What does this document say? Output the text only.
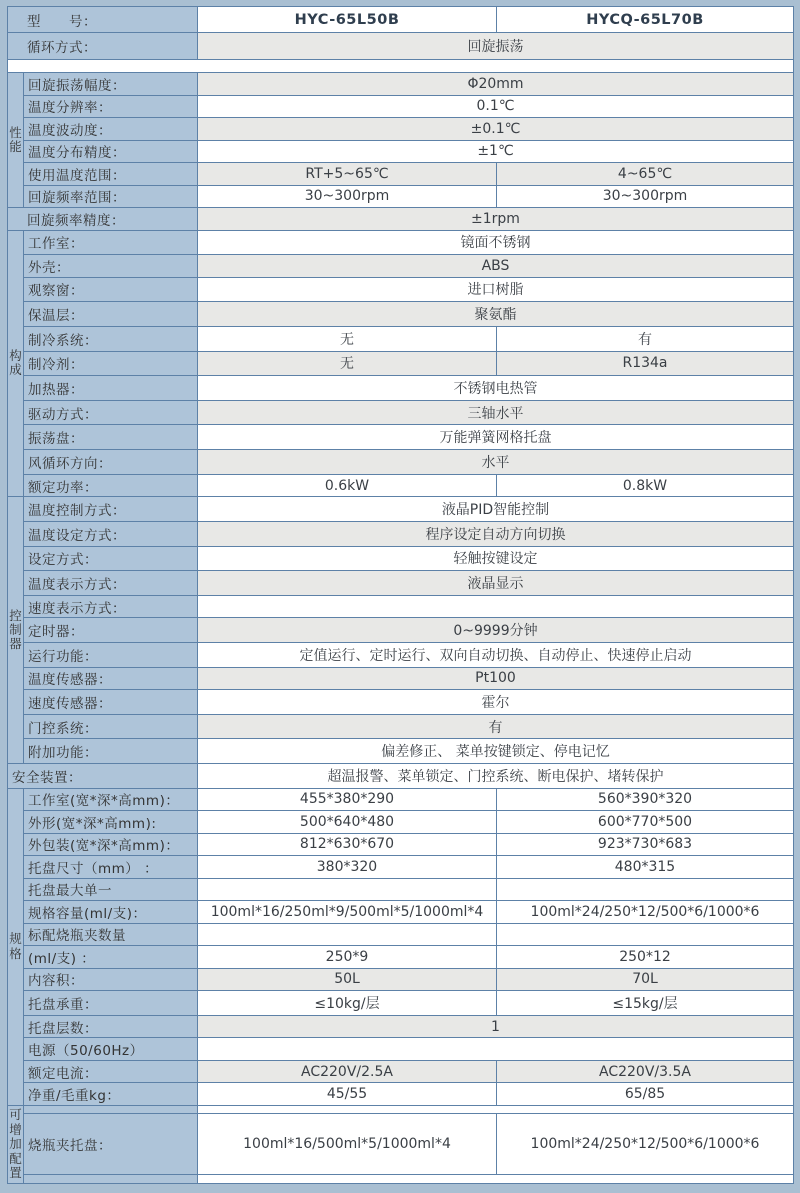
型　　号：		HYC-65L50B	HYCQ-65L70B
循环方式：		回旋振荡	

性
能	回旋振荡幅度：	Φ20mm	
	温度分辨率：	0.1℃	
	温度波动度：	±0.1℃	
	温度分布精度：	±1℃	
	使用温度范围：	RT+5~65℃	4~65℃
	回旋频率范围：	30~300rpm	30~300rpm
回旋频率精度：		±1rpm	

构
成	工作室：	镜面不锈钢	
	外壳：	ABS	
	观察窗：	进口树脂	
	保温层：	聚氨酯	
	制冷系统：	无	有
	制冷剂：	无	R134a
	加热器：	不锈钢电热管	
	驱动方式：	三轴水平	
	振荡盘：	万能弹簧网格托盘	
	风循环方向：	水平	
	额定功率：	0.6kW	0.8kW

控
制
器	温度控制方式：	液晶PID智能控制	
	温度设定方式：	程序设定自动方向切换	
	设定方式：	轻触按键设定	
	温度表示方式：	液晶显示	
	速度表示方式：		
	定时器：	0~9999分钟	
	运行功能：	定值运行、定时运行、双向自动切换、自动停止、快速停止启动	
	温度传感器：	Pt100	
	速度传感器：	霍尔	
	门控系统：	有	
	附加功能：	偏差修正、 菜单按键锁定、停电记忆	
安全装置：		超温报警、菜单锁定、门控系统、断电保护、堵转保护	

规
格	工作室(宽*深*高mm)：	455*380*290	560*390*320
	外形(宽*深*高mm):	500*640*480	600*770*500
	外包装(宽*深*高mm)：	812*630*670	923*730*683
	托盘尺寸（mm） ：	380*320	480*315
	托盘最大单一		
	规格容量(ml/支)：	100ml*16/250ml*9/500ml*5/1000ml*4	100ml*24/250*12/500*6/1000*6
	标配烧瓶夹数量		
	(ml/支) ：	250*9	250*12
	内容积：	50L	70L
	托盘承重：	≤10kg/层	≤15kg/层
	托盘层数：	1	
	电源（50/60Hz）		
	额定电流：	AC220V/2.5A	AC220V/3.5A
	净重/毛重kg：	45/55	65/85

可
增
加
配
置			

	烧瓶夹托盘：	100ml*16/500ml*5/1000ml*4	100ml*24/250*12/500*6/1000*6
